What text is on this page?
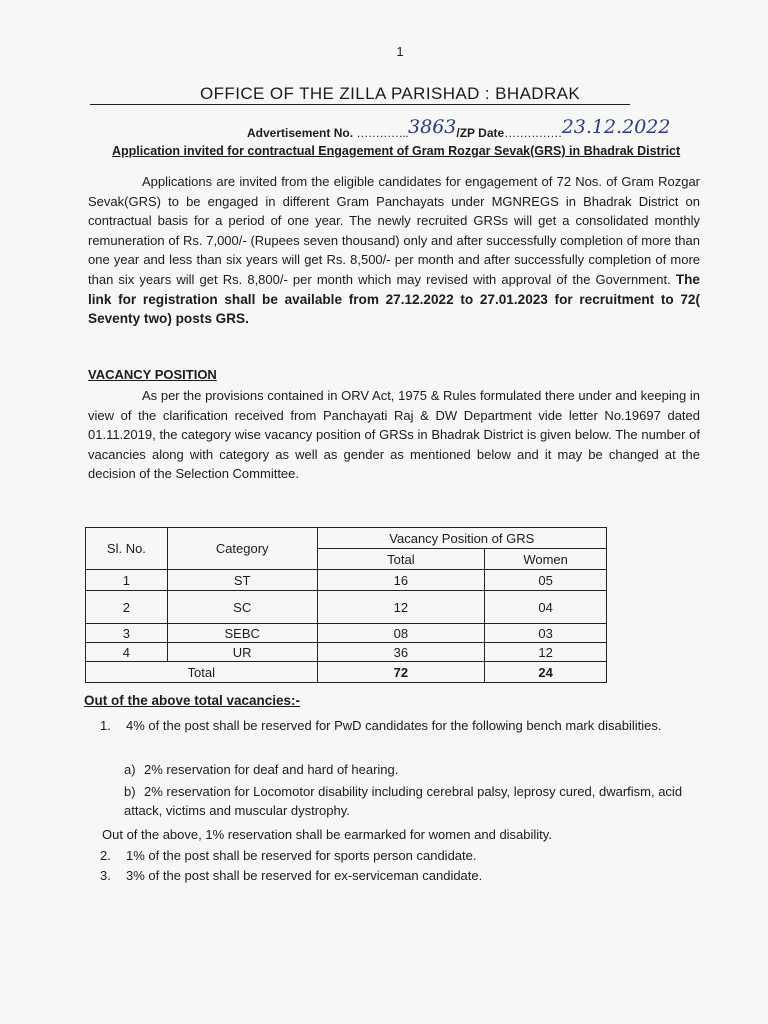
1
OFFICE OF THE ZILLA PARISHAD : BHADRAK
Advertisement No. …………..3863/ZP Date……………23.12.2022
Application invited for contractual Engagement of Gram Rozgar Sevak(GRS) in Bhadrak District
Applications are invited from the eligible candidates for engagement of 72 Nos. of Gram Rozgar Sevak(GRS) to be engaged in different Gram Panchayats under MGNREGS in Bhadrak District on contractual basis for a period of one year. The newly recruited GRSs will get a consolidated monthly remuneration of Rs. 7,000/- (Rupees seven thousand) only and after successfully completion of more than one year and less than six years will get Rs. 8,500/- per month and after successfully completion of more than six years will get Rs. 8,800/- per month which may revised with approval of the Government. The link for registration shall be available from 27.12.2022 to 27.01.2023 for recruitment to 72( Seventy two) posts GRS.
VACANCY POSITION
As per the provisions contained in ORV Act, 1975 & Rules formulated there under and keeping in view of the clarification received from Panchayati Raj & DW Department vide letter No.19697 dated 01.11.2019, the category wise vacancy position of GRSs in Bhadrak District is given below. The number of vacancies along with category as well as gender as mentioned below and it may be changed at the decision of the Selection Committee.
Sl. No.	Category	Vacancy Position of GRS	
		Total	Women
1	ST	16	05
2	SC	12	04
3	SEBC	08	03
4	UR	36	12
Total		72	24
Out of the above total vacancies:-
1. 4% of the post shall be reserved for PwD candidates for the following bench mark disabilities.
a) 2% reservation for deaf and hard of hearing.
b) 2% reservation for Locomotor disability including cerebral palsy, leprosy cured, dwarfism, acid attack, victims and muscular dystrophy.
Out of the above, 1% reservation shall be earmarked for women and disability.
2. 1% of the post shall be reserved for sports person candidate.
3. 3% of the post shall be reserved for ex-serviceman candidate.
